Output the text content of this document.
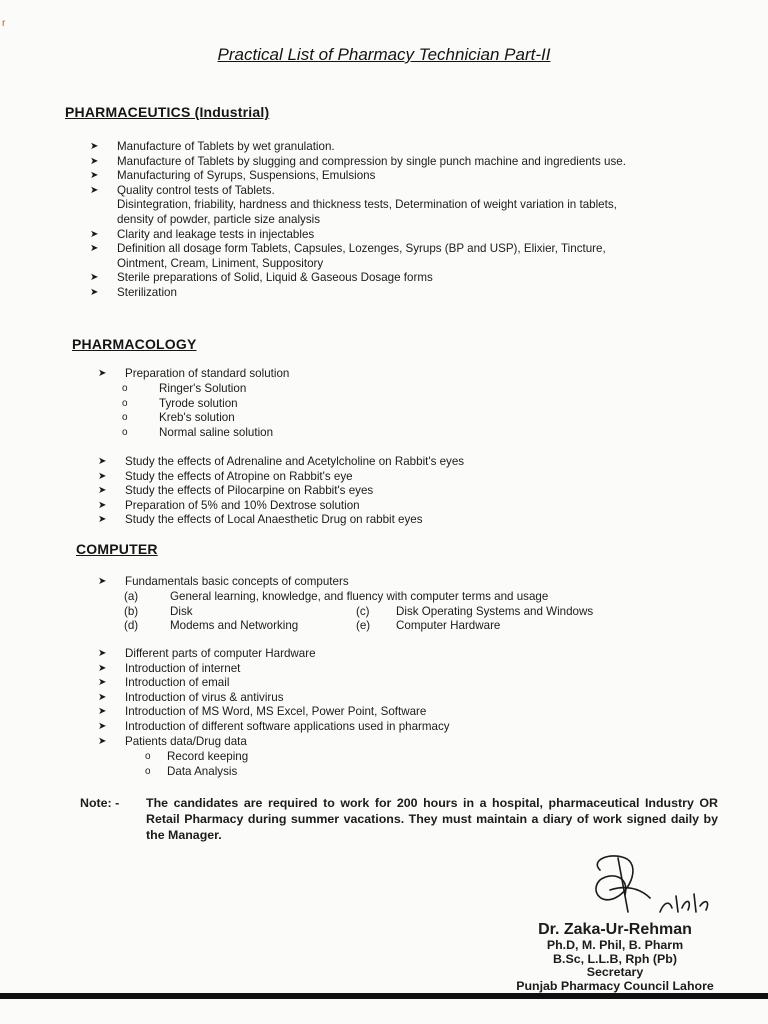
r
Practical List of Pharmacy Technician Part-II
PHARMACEUTICS (Industrial)
➤ Manufacture of Tablets by wet granulation.
➤ Manufacture of Tablets by slugging and compression by single punch machine and ingredients use.
➤ Manufacturing of Syrups, Suspensions, Emulsions
➤ Quality control tests of Tablets.
Disintegration, friability, hardness and thickness tests, Determination of weight variation in tablets,
density of powder, particle size analysis
➤ Clarity and leakage tests in injectables
➤ Definition all dosage form Tablets, Capsules, Lozenges, Syrups (BP and USP), Elixier, Tincture,
Ointment, Cream, Liniment, Suppository
➤ Sterile preparations of Solid, Liquid & Gaseous Dosage forms
➤ Sterilization
PHARMACOLOGY
➤ Preparation of standard solution
o	Ringer's Solution
o	Tyrode solution
o	Kreb's solution
o	Normal saline solution
➤ Study the effects of Adrenaline and Acetylcholine on Rabbit's eyes
➤ Study the effects of Atropine on Rabbit's eye
➤ Study the effects of Pilocarpine on Rabbit's eyes
➤ Preparation of 5% and 10% Dextrose solution
➤ Study the effects of Local Anaesthetic Drug on rabbit eyes
COMPUTER
➤ Fundamentals basic concepts of computers
(a)	General learning, knowledge, and fluency with computer terms and usage
(b)	Disk	(c) Disk Operating Systems and Windows
(d)	Modems and Networking	(e) Computer Hardware
➤ Different parts of computer Hardware
➤ Introduction of internet
➤ Introduction of email
➤ Introduction of virus & antivirus
➤ Introduction of MS Word, MS Excel, Power Point, Software
➤ Introduction of different software applications used in pharmacy
➤ Patients data/Drug data
o Record keeping
o Data Analysis
Note: - The candidates are required to work for 200 hours in a hospital, pharmaceutical Industry OR Retail Pharmacy during summer vacations. They must maintain a diary of work signed daily by the Manager.
Dr. Zaka-Ur-Rehman
Ph.D, M. Phil, B. Pharm
B.Sc, L.L.B, Rph (Pb)
Secretary
Punjab Pharmacy Council Lahore
